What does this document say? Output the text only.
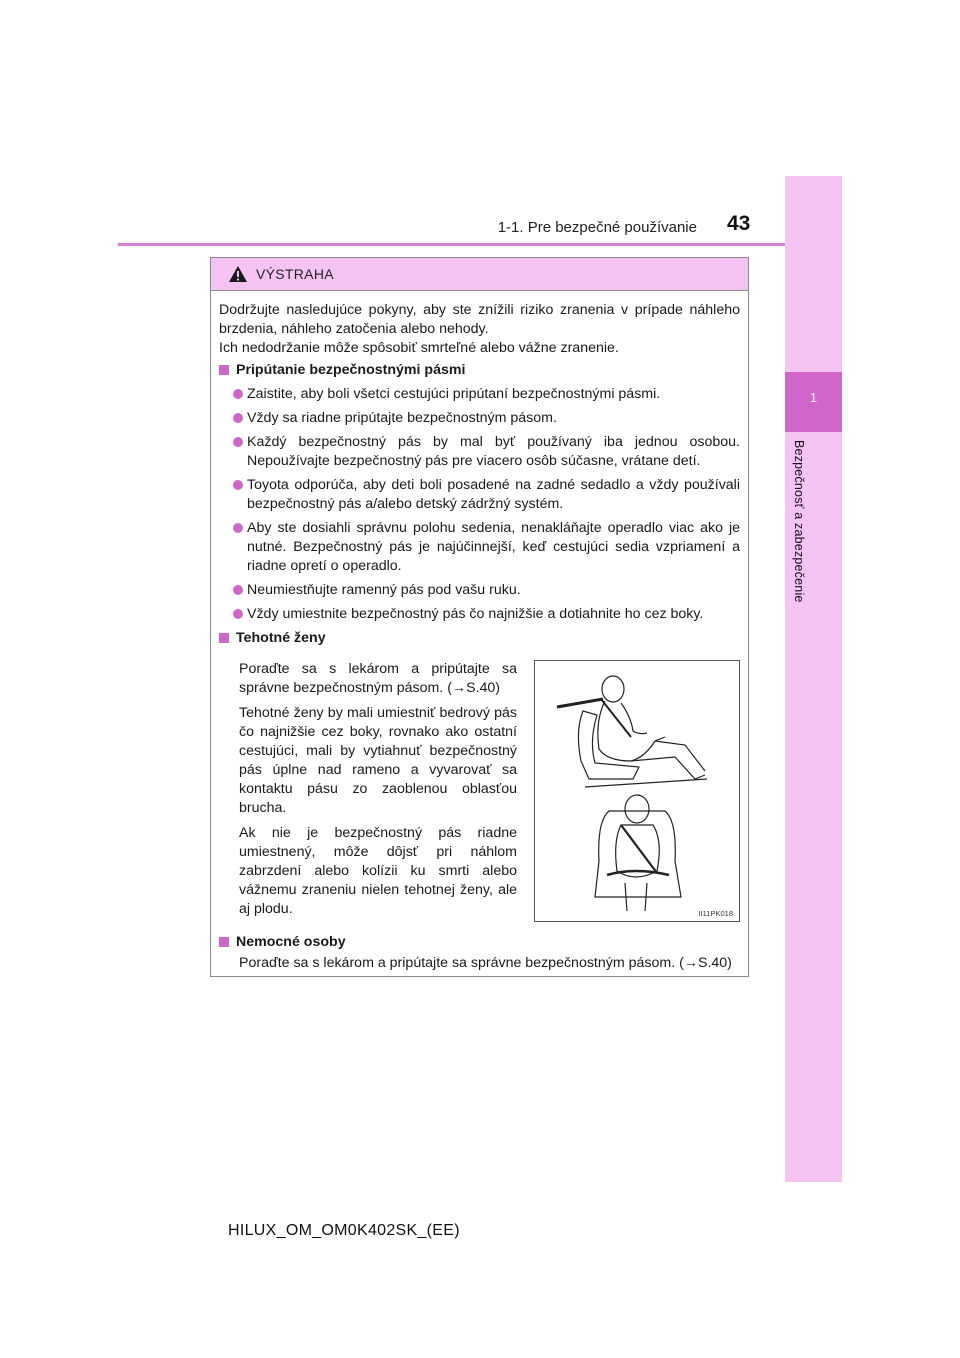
1
Bezpečnosť a zabezpečenie
1-1. Pre bezpečné používanie 43
VÝSTRAHA

Dodržujte nasledujúce pokyny, aby ste znížili riziko zranenia v prípade náhleho brzdenia, náhleho zatočenia alebo nehody.

Ich nedodržanie môže spôsobiť smrteľné alebo vážne zranenie.

Pripútanie bezpečnostnými pásmi
Zaistite, aby boli všetci cestujúci pripútaní bezpečnostnými pásmi.
Vždy sa riadne pripútajte bezpečnostným pásom.
Každý bezpečnostný pás by mal byť používaný iba jednou osobou. Nepoužívajte bezpečnostný pás pre viacero osôb súčasne, vrátane detí.
Toyota odporúča, aby deti boli posadené na zadné sedadlo a vždy používali bezpečnostný pás a/alebo detský zádržný systém.
Aby ste dosiahli správnu polohu sedenia, nenakláňajte operadlo viac ako je nutné. Bezpečnostný pás je najúčinnejší, keď cestujúci sedia vzpriamení a riadne opretí o operadlo.
Neumiestňujte ramenný pás pod vašu ruku.
Vždy umiestnite bezpečnostný pás čo najnižšie a dotiahnite ho cez boky.
Tehotné ženy

Poraďte sa s lekárom a pripútajte sa správne bezpečnostným pásom. (→S.40)

Tehotné ženy by mali umiestniť bedrový pás čo najnižšie cez boky, rovnako ako ostatní cestujúci, mali by vytiahnuť bezpečnostný pás úplne nad rameno a vyvarovať sa kontaktu pásu zo zaoblenou oblasťou brucha.

Ak nie je bezpečnostný pás riadne umiestnený, môže dôjsť pri náhlom zabrzdení alebo kolízii ku smrti alebo vážnemu zraneniu nielen tehotnej ženy, ale aj plodu.	II11PK018
Nemocné osoby

Poraďte sa s lekárom a pripútajte sa správne bezpečnostným pásom. (→S.40)

HILUX_OM_OM0K402SK_(EE)
